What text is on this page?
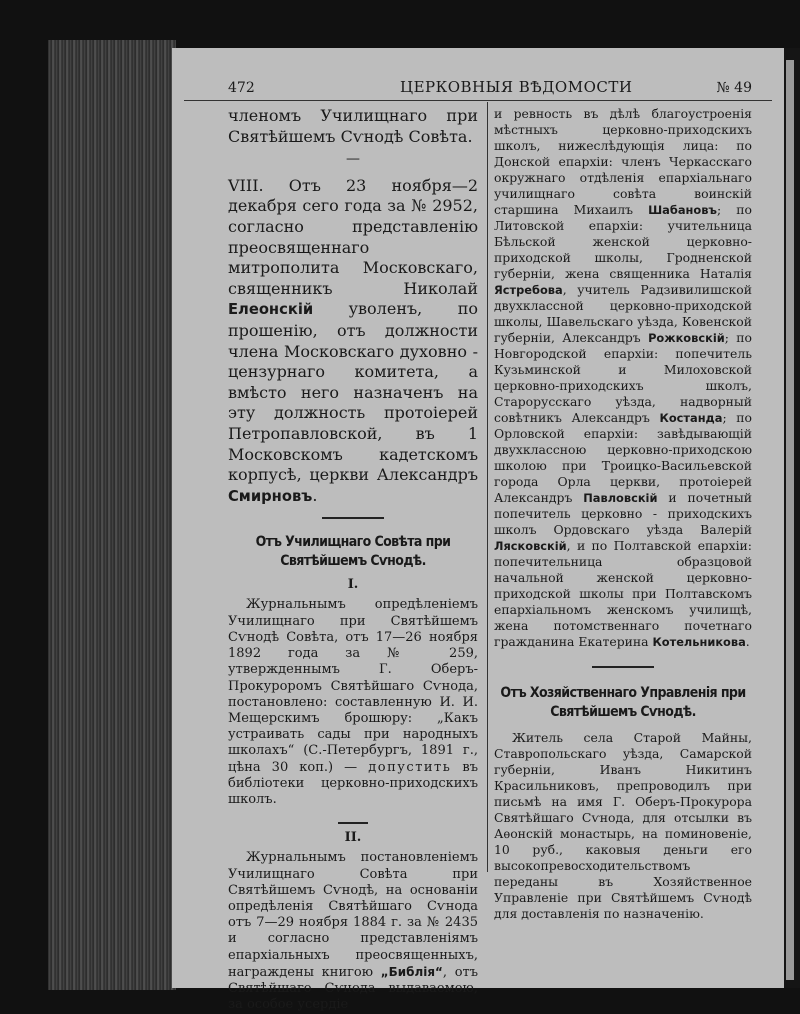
472	ЦЕРКОВНЫЯ ВѢДОМОСТИ	№ 49

членомъ Училищнаго при Святѣйшемъ Сѵнодѣ Совѣта.

—

VIII. Отъ 23 ноября—2 декабря сего года за № 2952, согласно представленію преосвященнаго митрополита Московскаго, священникъ Николай Елеонскій уволенъ, по прошенію, отъ должности члена Московскаго духовно - цензурнаго комитета, а вмѣсто него назначенъ на эту должность протоіерей Петропавловской, въ 1 Московскомъ кадетскомъ корпусѣ, церкви Александръ Смирновъ.

Отъ Училищнаго Совѣта при Святѣйшемъ Сѵнодѣ.
I.

Журнальнымъ опредѣленіемъ Училищнаго при Святѣйшемъ Сѵнодѣ Совѣта, отъ 17—26 ноября 1892 года за № 259, утвержденнымъ Г. Оберъ-Прокуроромъ Святѣйшаго Сѵнода, постановлено: составленную И. И. Мещерскимъ брошюру: „Какъ устраивать сады при народныхъ школахъ“ (С.-Петербургъ, 1891 г., цѣна 30 коп.) — допустить въ библіотеки церковно-приходскихъ школъ.

II.

Журнальнымъ постановленіемъ Училищнаго Совѣта при Святѣйшемъ Сѵнодѣ, на основаніи опредѣленія Святѣйшаго Сѵнода отъ 7—29 ноября 1884 г. за № 2435 и согласно представленіямъ епархіальныхъ преосвященныхъ, награждены книгою „Библія“, отъ Святѣйшаго Сѵнода выдаваемою, за особое усердіе

и ревность въ дѣлѣ благоустроенія мѣстныхъ церковно-приходскихъ школъ, нижеслѣдующія лица: по Донской епархіи: членъ Черкасскаго окружнаго отдѣленія епархіальнаго училищнаго совѣта воинскій старшина Михаилъ Шабановъ; по Литовской епархіи: учительница Бѣльской женской церковно-приходской школы, Гродненской губерніи, жена священника Наталія Ястребова, учитель Радзивилишской двухклассной церковно-приходской школы, Шавельскаго уѣзда, Ковенской губерніи, Александръ Рожковскій; по Новгородской епархіи: попечитель Кузьминской и Милоховской церковно-приходскихъ школъ, Старорусскаго уѣзда, надворный совѣтникъ Александръ Костанда; по Орловской епархіи: завѣдывающій двухклассною церковно-приходскою школою при Троицко-Васильевской города Орла церкви, протоіерей Александръ Павловскій и почетный попечитель церковно - приходскихъ школъ Ордовскаго уѣзда Валерій Лясковскій, и по Полтавской епархіи: попечительница образцовой начальной женской церковно-приходской школы при Полтавскомъ епархіальномъ женскомъ училищѣ, жена потомственнаго почетнаго гражданина Екатерина Котельникова.

Отъ Хозяйственнаго Управленія при Святѣйшемъ Сѵнодѣ.

Житель села Старой Майны, Ставропольскаго уѣзда, Самарской губерніи, Иванъ Никитинъ Красильниковъ, препроводилъ при письмѣ на имя Г. Оберъ-Прокурора Святѣйшаго Сѵнода, для отсылки въ Аѳонскій монастырь, на поминовеніе, 10 руб., каковыя деньги его высокопревосходительствомъ переданы въ Хозяйственное Управленіе при Святѣйшемъ Сѵнодѣ для доставленія по назначенію.
